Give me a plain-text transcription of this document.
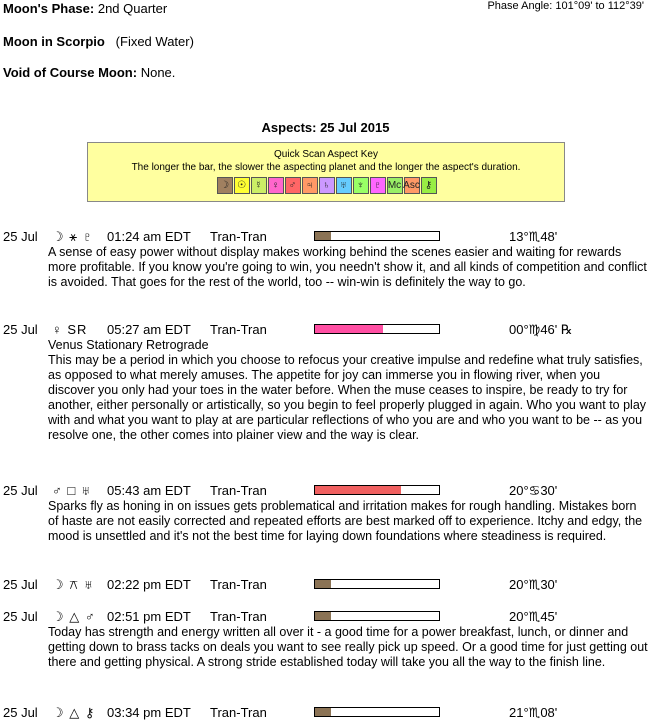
Moon's Phase: 2nd Quarter	Phase Angle: 101°09' to 112°39'
Moon in Scorpio (Fixed Water)
Void of Course Moon: None.
Aspects: 25 Jul 2015
Quick Scan Aspect Key
The longer the bar, the slower the aspecting planet and the longer the aspect's duration.
☽ ☉ ☿ ♀ ♂ ♃ ♄ ♅ ♆ ♇ Mc Asc ⚷
25 Jul ☽ ⚹ ♇ 01:24 am EDT Tran-Tran	13°♏48'
A sense of easy power without display makes working behind the scenes easier and waiting for rewards more profitable. If you know you're going to win, you needn't show it, and all kinds of competition and conflict is avoided. That goes for the rest of the world, too -- win-win is definitely the way to go.
25 Jul ♀ SR 05:27 am EDT Tran-Tran	00°♍46' ℞
Venus Stationary Retrograde
This may be a period in which you choose to refocus your creative impulse and redefine what truly satisfies, as opposed to what merely amuses. The appetite for joy can immerse you in flowing river, when you discover you only had your toes in the water before. When the muse ceases to inspire, be ready to try for another, either personally or artistically, so you begin to feel properly plugged in again. Who you want to play with and what you want to play at are particular reflections of who you are and who you want to be -- as you resolve one, the other comes into plainer view and the way is clear.
25 Jul ♂ □ ♅ 05:43 am EDT Tran-Tran	20°♋30'
Sparks fly as honing in on issues gets problematical and irritation makes for rough handling. Mistakes born of haste are not easily corrected and repeated efforts are best marked off to experience. Itchy and edgy, the mood is unsettled and it's not the best time for laying down foundations where steadiness is required.
25 Jul ☽ ⚻ ♅ 02:22 pm EDT Tran-Tran	20°♏30'
25 Jul ☽ △ ♂ 02:51 pm EDT Tran-Tran	20°♏45'
Today has strength and energy written all over it - a good time for a power breakfast, lunch, or dinner and getting down to brass tacks on deals you want to see really pick up speed. Or a good time for just getting out there and getting physical. A strong stride established today will take you all the way to the finish line.
25 Jul ☽ △ ⚷ 03:34 pm EDT Tran-Tran	21°♏08'
